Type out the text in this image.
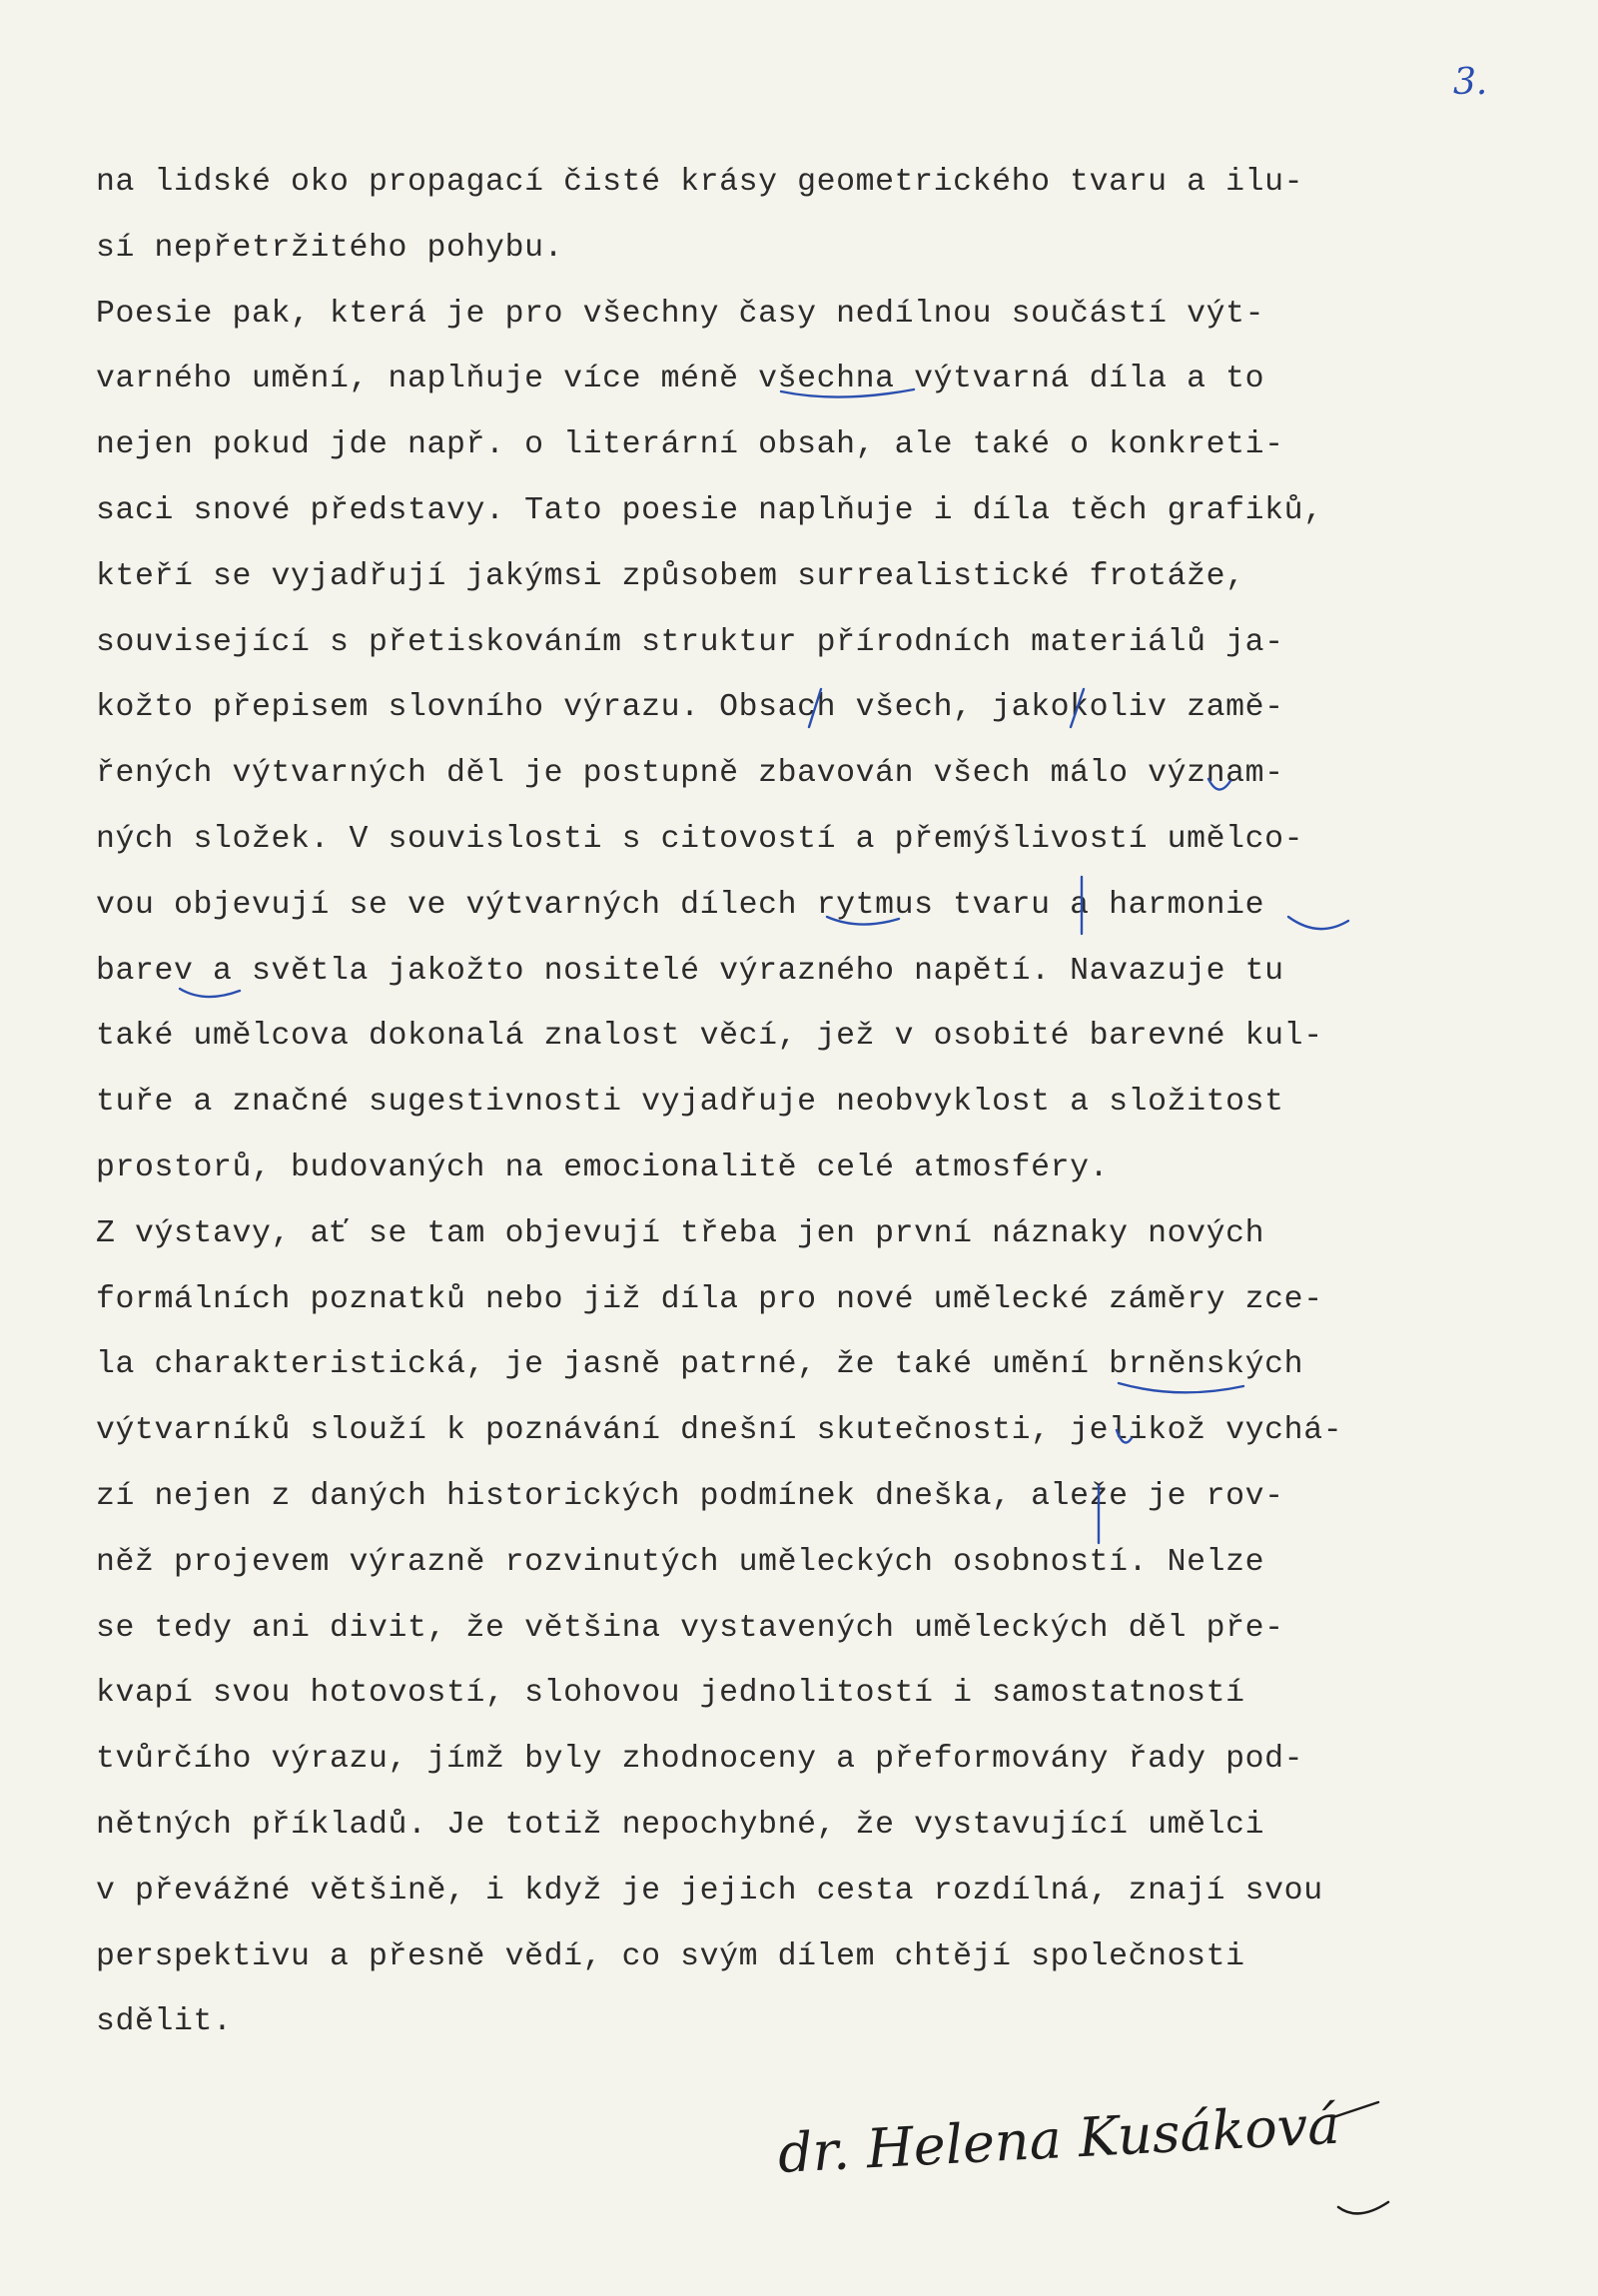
3.
na lidské oko propagací čisté krásy geometrického tvaru a ilu-
sí nepřetržitého pohybu.
Poesie pak, která je pro všechny časy nedílnou součástí výt-
varného umění, naplňuje více méně všechna výtvarná díla a to
nejen pokud jde např. o literární obsah, ale také o konkreti-
saci snové představy. Tato poesie naplňuje i díla těch grafiků,
kteří se vyjadřují jakýmsi způsobem surrealistické frotáže,
související s přetiskováním struktur přírodních materiálů ja-
kožto přepisem slovního výrazu. Obsach všech, jakokoliv zamě-
řených výtvarných děl je postupně zbavován všech málo význam-
ných složek. V souvislosti s citovostí a přemýšlivostí umělco-
vou objevují se ve výtvarných dílech rytmus tvaru a harmonie
barev a světla jakožto nositelé výrazného napětí. Navazuje tu
také umělcova dokonalá znalost věcí, jež v osobité barevné kul-
tuře a značné sugestivnosti vyjadřuje neobvyklost a složitost
prostorů, budovaných na emocionalitě celé atmosféry.
Z výstavy, ať se tam objevují třeba jen první náznaky nových
formálních poznatků nebo již díla pro nové umělecké záměry zce-
la charakteristická, je jasně patrné, že také umění brněnských
výtvarníků slouží k poznávání dnešní skutečnosti, jelikož vychá-
zí nejen z daných historických podmínek dneška, aležе je rov-
něž projevem výrazně rozvinutých uměleckých osobností. Nelze
se tedy ani divit, že většina vystavených uměleckých děl pře-
kvapí svou hotovostí, slohovou jednolitostí i samostatností
tvůrčího výrazu, jímž byly zhodnoceny a přeformovány řady pod-
nětných příkladů. Je totiž nepochybné, že vystavující umělci
v převážné většině, i když je jejich cesta rozdílná, znají svou
perspektivu a přesně vědí, co svým dílem chtějí společnosti
sdělit.
dr. Helena Kusáková
